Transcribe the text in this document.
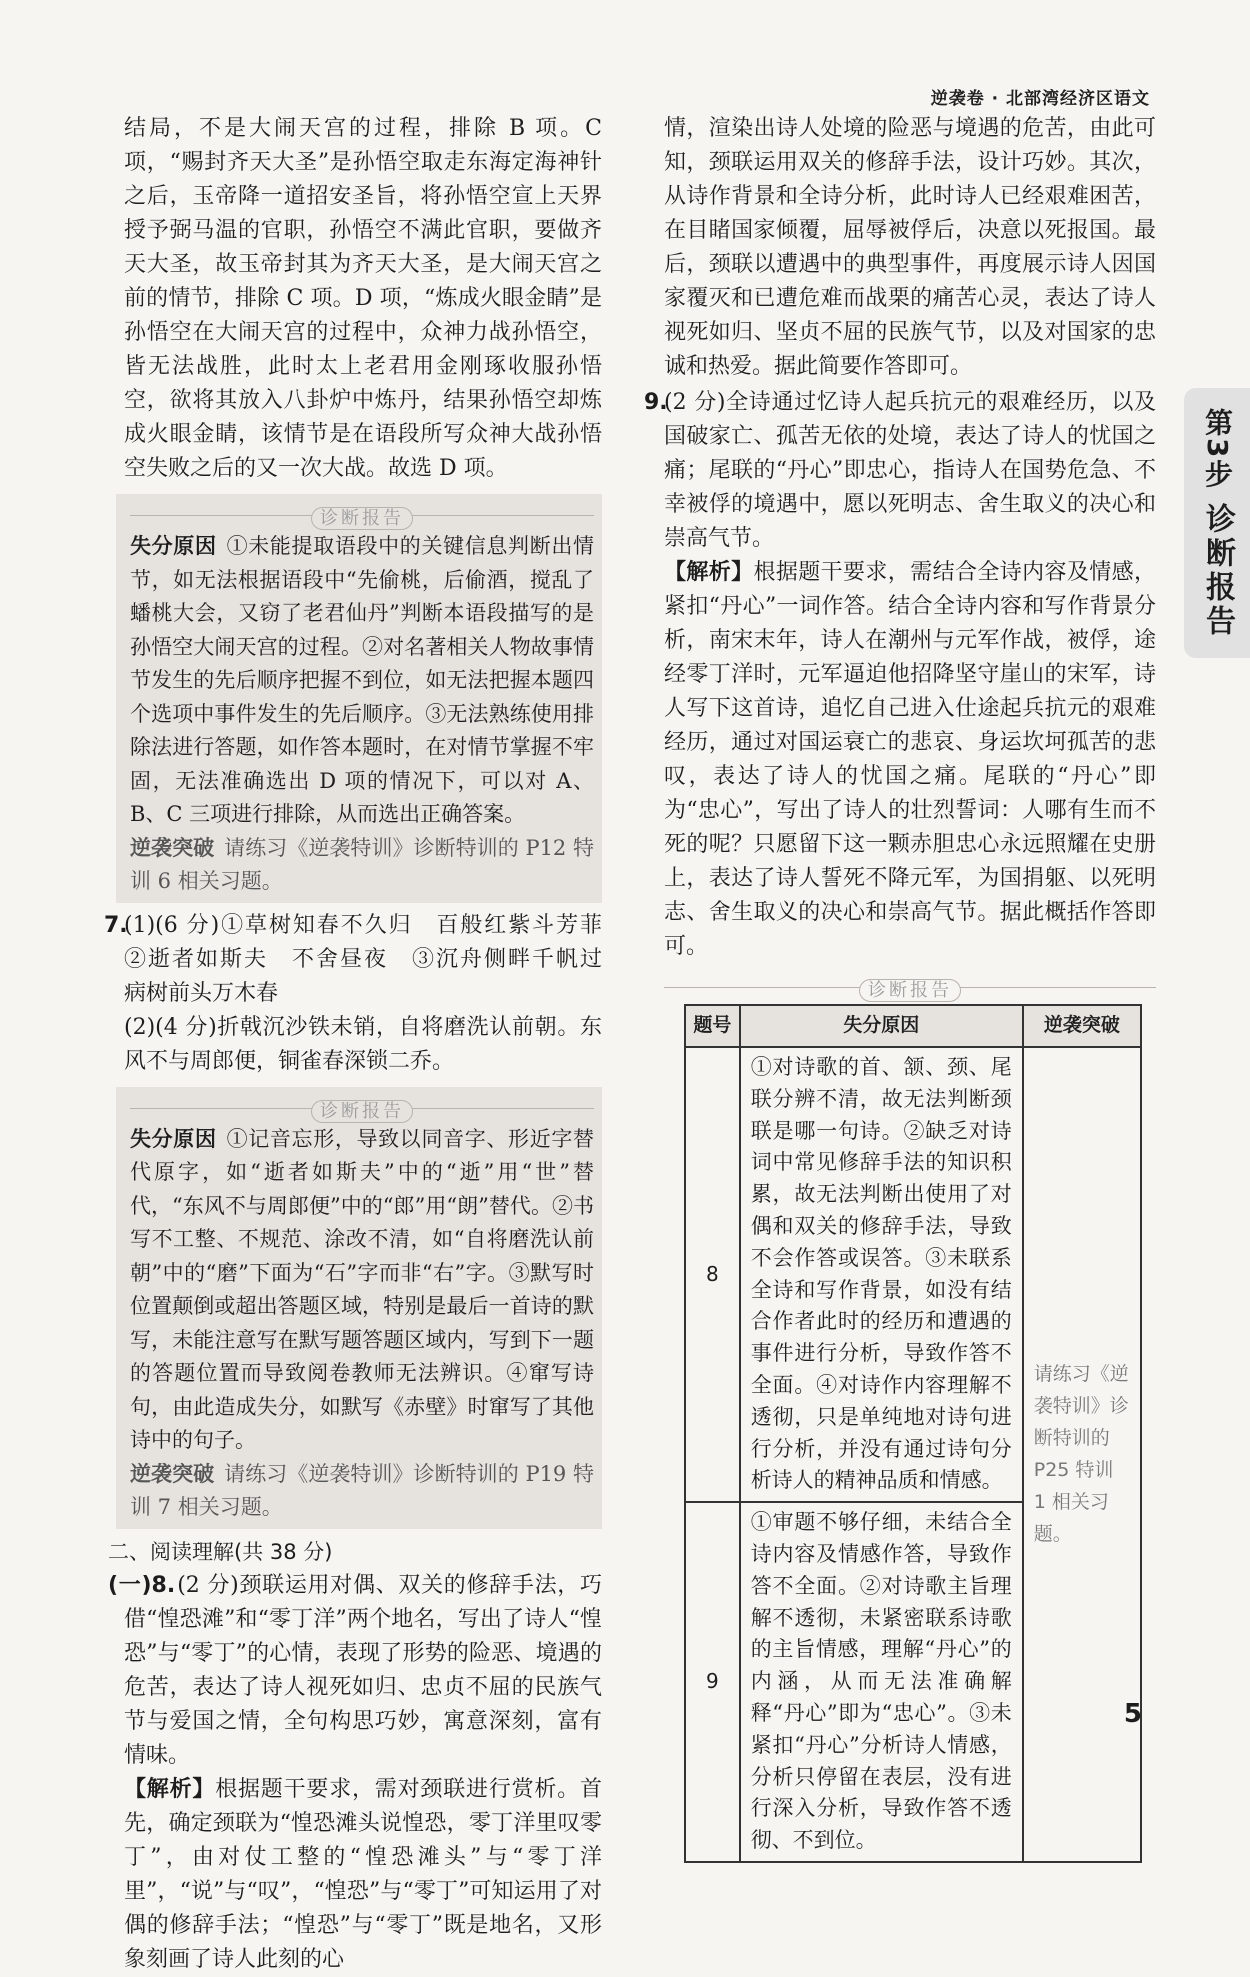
逆袭卷 · 北部湾经济区语文

结局，不是大闹天宫的过程，排除 B 项。C 项，“赐封齐天大圣”是孙悟空取走东海定海神针之后，玉帝降一道招安圣旨，将孙悟空宣上天界授予弼马温的官职，孙悟空不满此官职，要做齐天大圣，故玉帝封其为齐天大圣，是大闹天宫之前的情节，排除 C 项。D 项，“炼成火眼金睛”是孙悟空在大闹天宫的过程中，众神力战孙悟空，皆无法战胜，此时太上老君用金刚琢收服孙悟空，欲将其放入八卦炉中炼丹，结果孙悟空却炼成火眼金睛，该情节是在语段所写众神大战孙悟空失败之后的又一次大战。故选 D 项。

诊断报告

失分原因 ①未能提取语段中的关键信息判断出情节，如无法根据语段中“先偷桃，后偷酒，搅乱了蟠桃大会，又窃了老君仙丹”判断本语段描写的是孙悟空大闹天宫的过程。②对名著相关人物故事情节发生的先后顺序把握不到位，如无法把握本题四个选项中事件发生的先后顺序。③无法熟练使用排除法进行答题，如作答本题时，在对情节掌握不牢固，无法准确选出 D 项的情况下，可以对 A、B、C 三项进行排除，从而选出正确答案。

逆袭突破 请练习《逆袭特训》诊断特训的 P12 特训 6 相关习题。

7.

(1)(6 分)①草树知春不久归　百般红紫斗芳菲　②逝者如斯夫　不舍昼夜　③沉舟侧畔千帆过　病树前头万木春

(2)(4 分)折戟沉沙铁未销，自将磨洗认前朝。东风不与周郎便，铜雀春深锁二乔。

诊断报告

失分原因 ①记音忘形，导致以同音字、形近字替代原字，如“逝者如斯夫”中的“逝”用“世”替代，“东风不与周郎便”中的“郎”用“朗”替代。②书写不工整、不规范、涂改不清，如“自将磨洗认前朝”中的“磨”下面为“石”字而非“右”字。③默写时位置颠倒或超出答题区域，特别是最后一首诗的默写，未能注意写在默写题答题区域内，写到下一题的答题位置而导致阅卷教师无法辨识。④窜写诗句，由此造成失分，如默写《赤壁》时窜写了其他诗中的句子。

逆袭突破 请练习《逆袭特训》诊断特训的 P19 特训 7 相关习题。

二、阅读理解(共 38 分)

(一)8.(2 分)颈联运用对偶、双关的修辞手法，巧借“惶恐滩”和“零丁洋”两个地名，写出了诗人“惶恐”与“零丁”的心情，表现了形势的险恶、境遇的危苦，表达了诗人视死如归、忠贞不屈的民族气节与爱国之情，全句构思巧妙，寓意深刻，富有情味。

【解析】根据题干要求，需对颈联进行赏析。首先，确定颈联为“惶恐滩头说惶恐，零丁洋里叹零丁”，由对仗工整的“惶恐滩头”与“零丁洋里”，“说”与“叹”，“惶恐”与“零丁”可知运用了对偶的修辞手法；“惶恐”与“零丁”既是地名，又形象刻画了诗人此刻的心

情，渲染出诗人处境的险恶与境遇的危苦，由此可知，颈联运用双关的修辞手法，设计巧妙。其次，从诗作背景和全诗分析，此时诗人已经艰难困苦，在目睹国家倾覆，屈辱被俘后，决意以死报国。最后，颈联以遭遇中的典型事件，再度展示诗人因国家覆灭和已遭危难而战栗的痛苦心灵，表达了诗人视死如归、坚贞不屈的民族气节，以及对国家的忠诚和热爱。据此简要作答即可。

9.

(2 分)全诗通过忆诗人起兵抗元的艰难经历，以及国破家亡、孤苦无依的处境，表达了诗人的忧国之痛；尾联的“丹心”即忠心，指诗人在国势危急、不幸被俘的境遇中，愿以死明志、舍生取义的决心和崇高气节。

【解析】根据题干要求，需结合全诗内容及情感，紧扣“丹心”一词作答。结合全诗内容和写作背景分析，南宋末年，诗人在潮州与元军作战，被俘，途经零丁洋时，元军逼迫他招降坚守崖山的宋军，诗人写下这首诗，追忆自己进入仕途起兵抗元的艰难经历，通过对国运衰亡的悲哀、身运坎坷孤苦的悲叹，表达了诗人的忧国之痛。尾联的“丹心”即为“忠心”，写出了诗人的壮烈誓词：人哪有生而不死的呢？只愿留下这一颗赤胆忠心永远照耀在史册上，表达了诗人誓死不降元军，为国捐躯、以死明志、舍生取义的决心和崇高气节。据此概括作答即可。

诊断报告
题号	失分原因	逆袭突破
8	①对诗歌的首、颔、颈、尾联分辨不清，故无法判断颈联是哪一句诗。②缺乏对诗词中常见修辞手法的知识积累，故无法判断出使用了对偶和双关的修辞手法，导致不会作答或误答。③未联系全诗和写作背景，如没有结合作者此时的经历和遭遇的事件进行分析，导致作答不全面。④对诗作内容理解不透彻，只是单纯地对诗句进行分析，并没有通过诗句分析诗人的精神品质和情感。	请练习《逆袭特训》诊断特训的 P25 特训 1 相关习题。
9	①审题不够仔细，未结合全诗内容及情感作答，导致作答不全面。②对诗歌主旨理解不透彻，未紧密联系诗歌的主旨情感，理解“丹心”的内涵，从而无法准确解释“丹心”即为“忠心”。③未紧扣“丹心”分析诗人情感，分析只停留在表层，没有进行深入分析，导致作答不透彻、不到位。	
第3步
诊断报告
5
